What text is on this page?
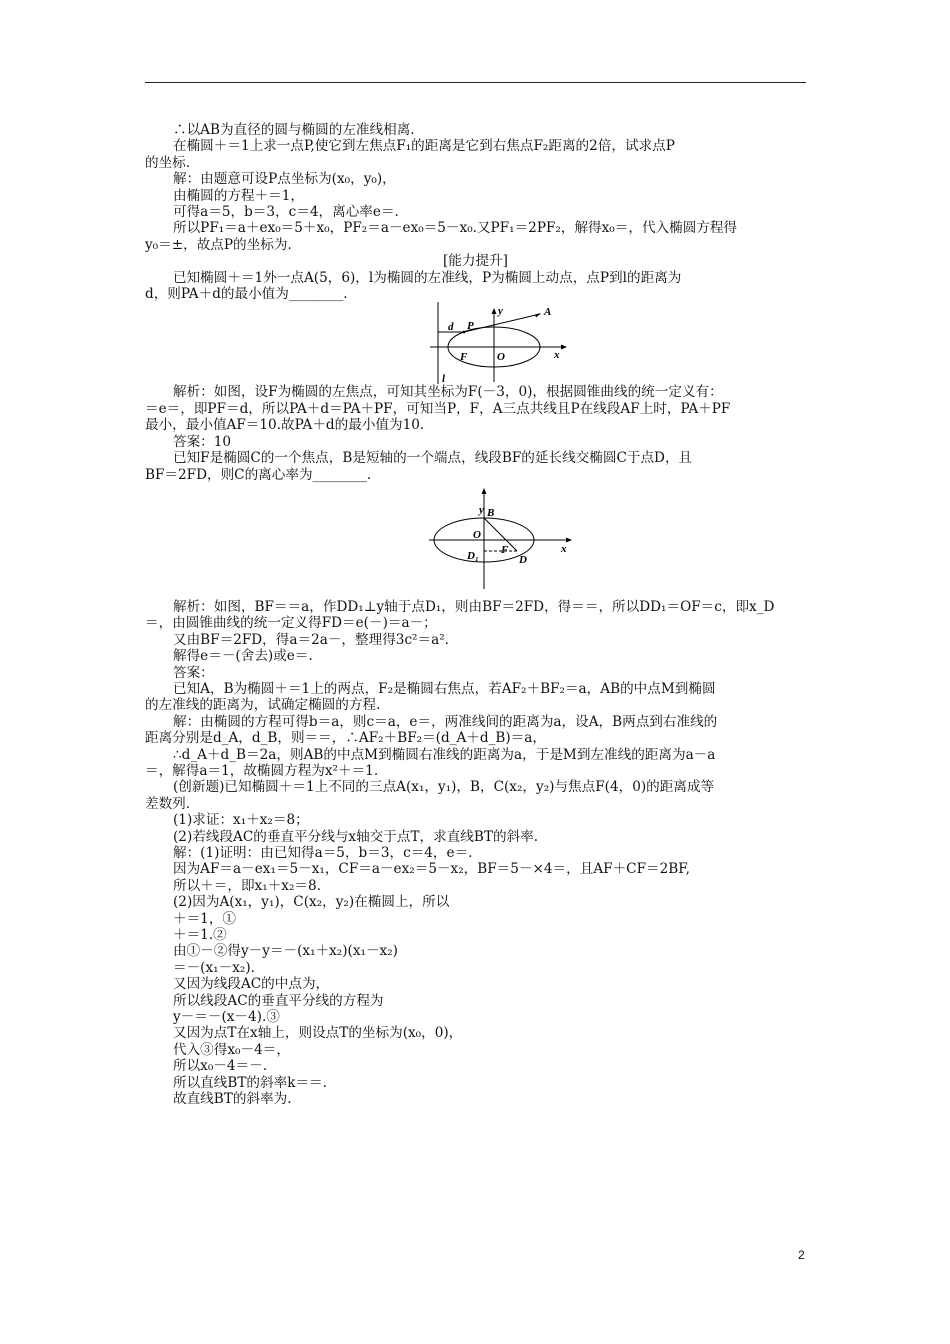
∴以AB为直径的圆与椭圆的左准线相离.
在椭圆＋＝1上求一点P,使它到左焦点F₁的距离是它到右焦点F₂距离的2倍，试求点P
的坐标.
解：由题意可设P点坐标为(x₀，y₀)，
由椭圆的方程＋＝1，
可得a＝5，b＝3，c＝4，离心率e＝.
所以PF₁＝a＋ex₀＝5＋x₀，PF₂＝a－ex₀＝5－x₀.又PF₁＝2PF₂，解得x₀＝，代入椭圆方程得
y₀＝±，故点P的坐标为.
[能力提升]
已知椭圆＋＝1外一点A(5，6)，l为椭圆的左准线，P为椭圆上动点，点P到l的距离为
d，则PA＋d的最小值为________.
y
d P
A
F	O	x
l
解析：如图，设F为椭圆的左焦点，可知其坐标为F(－3，0)，根据圆锥曲线的统一定义有：
＝e＝，即PF＝d，所以PA＋d＝PA＋PF，可知当P，F，A三点共线且P在线段AF上时，PA＋PF
最小，最小值AF＝10.故PA＋d的最小值为10.
答案：10
已知F是椭圆C的一个焦点，B是短轴的一个端点，线段BF的延长线交椭圆C于点D，且
BF＝2FD，则C的离心率为________.
y B
O
F
D₁	D
x
解析：如图，BF＝＝a，作DD₁⊥y轴于点D₁，则由BF＝2FD，得＝＝，所以DD₁＝OF＝c，即x_D
＝，由圆锥曲线的统一定义得FD＝e(－)＝a－；
又由BF＝2FD，得a＝2a－，整理得3c²＝a².
解得e＝－(舍去)或e＝.
答案：
已知A，B为椭圆＋＝1上的两点，F₂是椭圆右焦点，若AF₂＋BF₂＝a，AB的中点M到椭圆
的左准线的距离为，试确定椭圆的方程.
解：由椭圆的方程可得b＝a，则c＝a，e＝，两准线间的距离为a，设A，B两点到右准线的
距离分别是d_A，d_B，则＝＝，∴AF₂＋BF₂＝(d_A＋d_B)＝a，
∴d_A＋d_B＝2a，则AB的中点M到椭圆右准线的距离为a，于是M到左准线的距离为a－a
＝，解得a＝1，故椭圆方程为x²＋＝1.
(创新题)已知椭圆＋＝1上不同的三点A(x₁，y₁)，B，C(x₂，y₂)与焦点F(4，0)的距离成等
差数列.
(1)求证：x₁＋x₂＝8；
(2)若线段AC的垂直平分线与x轴交于点T，求直线BT的斜率.
解：(1)证明：由已知得a＝5，b＝3，c＝4，e＝.
因为AF＝a－ex₁＝5－x₁，CF＝a－ex₂＝5－x₂，BF＝5－×4＝，且AF＋CF＝2BF,
所以＋＝，即x₁＋x₂＝8.
(2)因为A(x₁，y₁)，C(x₂，y₂)在椭圆上，所以
＋＝1，①
＋＝1.②
由①－②得y－y＝－(x₁＋x₂)(x₁－x₂)
＝－(x₁－x₂).
又因为线段AC的中点为，
所以线段AC的垂直平分线的方程为
y－＝－(x－4).③
又因为点T在x轴上，则设点T的坐标为(x₀，0)，
代入③得x₀－4＝，
所以x₀－4＝－.
所以直线BT的斜率k＝＝.
故直线BT的斜率为.
2
